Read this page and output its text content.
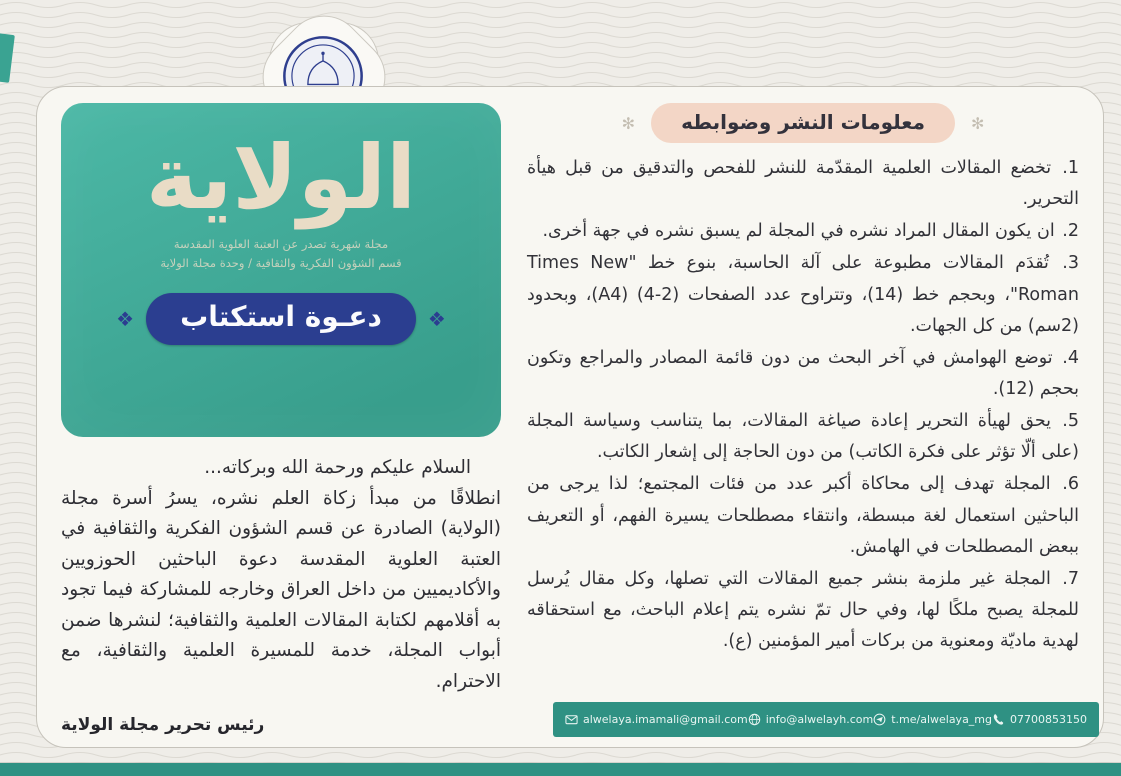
✻
معلومات النشر وضوابطه
✻
1. تخضع المقالات العلمية المقدّمة للنشر للفحص والتدقيق من قبل هيأة التحرير.
2. ان يكون المقال المراد نشره في المجلة لم يسبق نشره في جهة أخرى.
3. تُقدَم المقالات مطبوعة على آلة الحاسبة، بنوع خط "Times New Roman"، وبحجم خط (14)، وتتراوح عدد الصفحات (2-4) (A4)، وبحدود (2سم) من كل الجهات.
4. توضع الهوامش في آخر البحث من دون قائمة المصادر والمراجع وتكون بحجم (12).
5. يحق لهيأة التحرير إعادة صياغة المقالات، بما يتناسب وسياسة المجلة (على ألّا تؤثر على فكرة الكاتب) من دون الحاجة إلى إشعار الكاتب.
6. المجلة تهدف إلى محاكاة أكبر عدد من فئات المجتمع؛ لذا يرجى من الباحثين استعمال لغة مبسطة، وانتقاء مصطلحات يسيرة الفهم، أو التعريف ببعض المصطلحات في الهامش.
7. المجلة غير ملزمة بنشر جميع المقالات التي تصلها، وكل مقال يُرسل للمجلة يصبح ملكًا لها، وفي حال تمّ نشره يتم إعلام الباحث، مع استحقاقه لهدية ماديّة ومعنوية من بركات أمير المؤمنين (ع).
الولاية
مجلة شهرية تصدر عن العتبة العلوية المقدسة
قسم الشؤون الفكرية والثقافية / وحدة مجلة الولاية
❖
دعـوة استكتاب
❖
السلام عليكم ورحمة الله وبركاته...
انطلاقًا من مبدأ زكاة العلم نشره، يسرُ أسرة مجلة (الولاية) الصادرة عن قسم الشؤون الفكرية والثقافية في العتبة العلوية المقدسة دعوة الباحثين الحوزويين والأكاديميين من داخل العراق وخارجه للمشاركة فيما تجود به أقلامهم لكتابة المقالات العلمية والثقافية؛ لنشرها ضمن أبواب المجلة، خدمة للمسيرة العلمية والثقافية، مع الاحترام.
رئيس تحرير مجلة الولاية	alwelaya.imamali@gmail.com info@alwelayh.com t.me/alwelaya_mg 07700853150
